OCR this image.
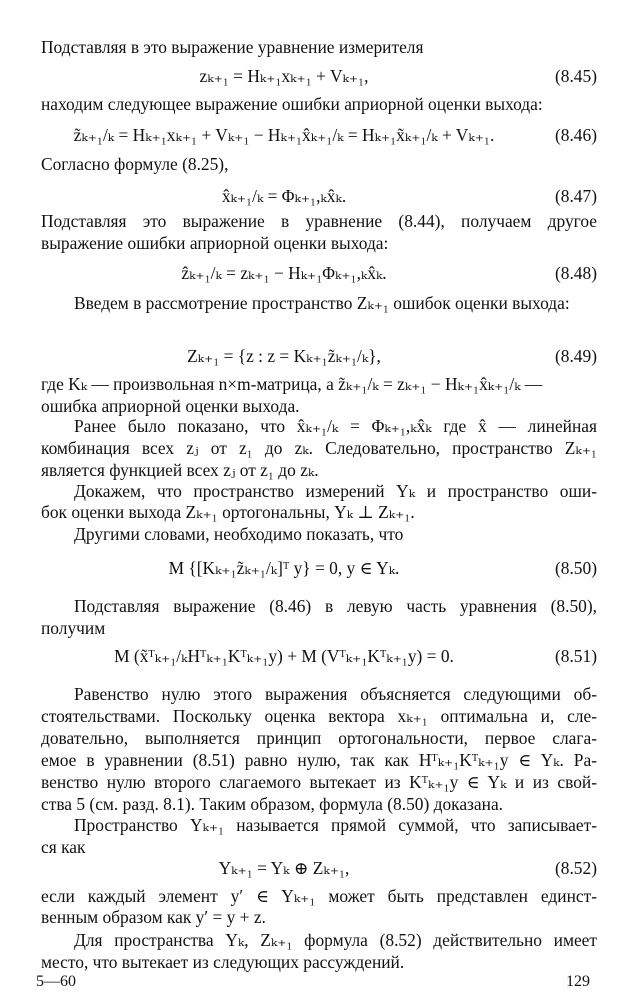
Подставляя в это выражение уравнение измерителя
zₖ₊₁ = Hₖ₊₁xₖ₊₁ + Vₖ₊₁,	(8.45)
находим следующее выражение ошибки априорной оценки выхода:
z̃ₖ₊₁/ₖ = Hₖ₊₁xₖ₊₁ + Vₖ₊₁ − Hₖ₊₁x̂ₖ₊₁/ₖ = Hₖ₊₁x̃ₖ₊₁/ₖ + Vₖ₊₁.	(8.46)
Согласно формуле (8.25),
x̂ₖ₊₁/ₖ = Φₖ₊₁,ₖx̂ₖ.	(8.47)
Подставляя это выражение в уравнение (8.44), получаем другое
выражение ошибки априорной оценки выхода:
ẑₖ₊₁/ₖ = zₖ₊₁ − Hₖ₊₁Φₖ₊₁,ₖx̂ₖ.	(8.48)
Введем в рассмотрение пространство Zₖ₊₁ ошибок оценки выхода:
Zₖ₊₁ = {z : z = Kₖ₊₁z̃ₖ₊₁/ₖ},	(8.49)
где Kₖ — произвольная n×m-матрица, а z̃ₖ₊₁/ₖ = zₖ₊₁ − Hₖ₊₁x̂ₖ₊₁/ₖ —
ошибка априорной оценки выхода.
Ранее было показано, что x̂ₖ₊₁/ₖ = Φₖ₊₁,ₖx̂ₖ где x̂ — линейная
комбинация всех zⱼ от z₁ до zₖ. Следовательно, пространство Zₖ₊₁
является функцией всех zⱼ от z₁ до zₖ.
Докажем, что пространство измерений Yₖ и пространство оши-
бок оценки выхода Zₖ₊₁ ортогональны, Yₖ ⊥ Zₖ₊₁.
Другими словами, необходимо показать, что
M {[Kₖ₊₁z̃ₖ₊₁/ₖ]ᵀ y} = 0, y ∈ Yₖ.	(8.50)
Подставляя выражение (8.46) в левую часть уравнения (8.50),
получим
M (x̃ᵀₖ₊₁/ₖHᵀₖ₊₁Kᵀₖ₊₁y) + M (Vᵀₖ₊₁Kᵀₖ₊₁y) = 0.	(8.51)
Равенство нулю этого выражения объясняется следующими об-
стоятельствами. Поскольку оценка вектора xₖ₊₁ оптимальна и, сле-
довательно, выполняется принцип ортогональности, первое слага-
емое в уравнении (8.51) равно нулю, так как Hᵀₖ₊₁Kᵀₖ₊₁y ∈ Yₖ. Ра-
венство нулю второго слагаемого вытекает из Kᵀₖ₊₁y ∈ Yₖ и из свой-
ства 5 (см. разд. 8.1). Таким образом, формула (8.50) доказана.
Пространство Yₖ₊₁ называется прямой суммой, что записывает-
ся как
Yₖ₊₁ = Yₖ ⊕ Zₖ₊₁,	(8.52)
если каждый элемент y′ ∈ Yₖ₊₁ может быть представлен единст-
венным образом как y′ = y + z.
Для пространства Yₖ, Zₖ₊₁ формула (8.52) действительно имеет
место, что вытекает из следующих рассуждений.
5—60	129
